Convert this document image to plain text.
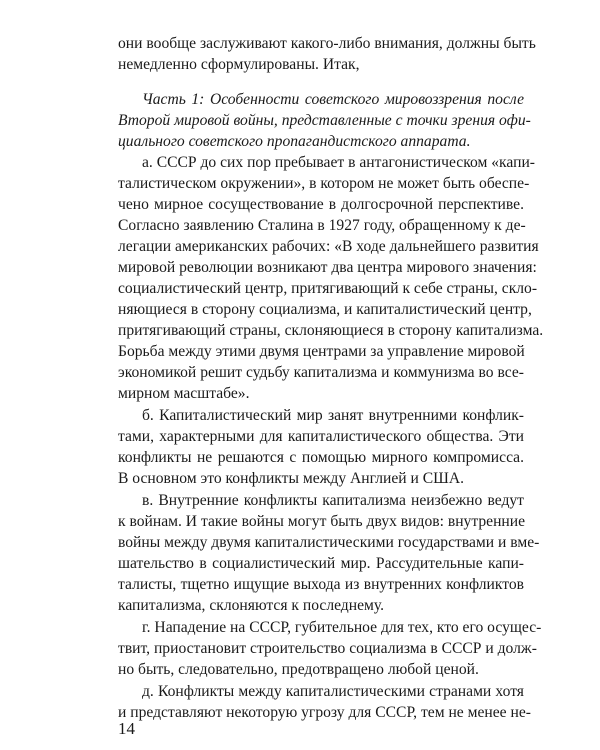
они вообще заслуживают какого-либо внимания, должны быть
немедленно сформулированы. Итак,
Часть 1: Особенности советского мировоззрения после
Второй мировой войны, представленные с точки зрения офи-
циального советского пропагандистского аппарата.
а. СССР до сих пор пребывает в антагонистическом «капи-
талистическом окружении», в котором не может быть обеспе-
чено мирное сосуществование в долгосрочной перспективе.
Согласно заявлению Сталина в 1927 году, обращенному к де-
легации американских рабочих: «В ходе дальнейшего развития
мировой революции возникают два центра мирового значения:
социалистический центр, притягивающий к себе страны, скло-
няющиеся в сторону социализма, и капиталистический центр,
притягивающий страны, склоняющиеся в сторону капитализма.
Борьба между этими двумя центрами за управление мировой
экономикой решит судьбу капитализма и коммунизма во все-
мирном масштабе».
б. Капиталистический мир занят внутренними конфлик-
тами, характерными для капиталистического общества. Эти
конфликты не решаются с помощью мирного компромисса.
В основном это конфликты между Англией и США.
в. Внутренние конфликты капитализма неизбежно ведут
к войнам. И такие войны могут быть двух видов: внутренние
войны между двумя капиталистическими государствами и вме-
шательство в социалистический мир. Рассудительные капи-
талисты, тщетно ищущие выхода из внутренних конфликтов
капитализма, склоняются к последнему.
г. Нападение на СССР, губительное для тех, кто его осущес-
твит, приостановит строительство социализма в СССР и долж-
но быть, следовательно, предотвращено любой ценой.
д. Конфликты между капиталистическими странами хотя
и представляют некоторую угрозу для СССР, тем не менее не-
14
